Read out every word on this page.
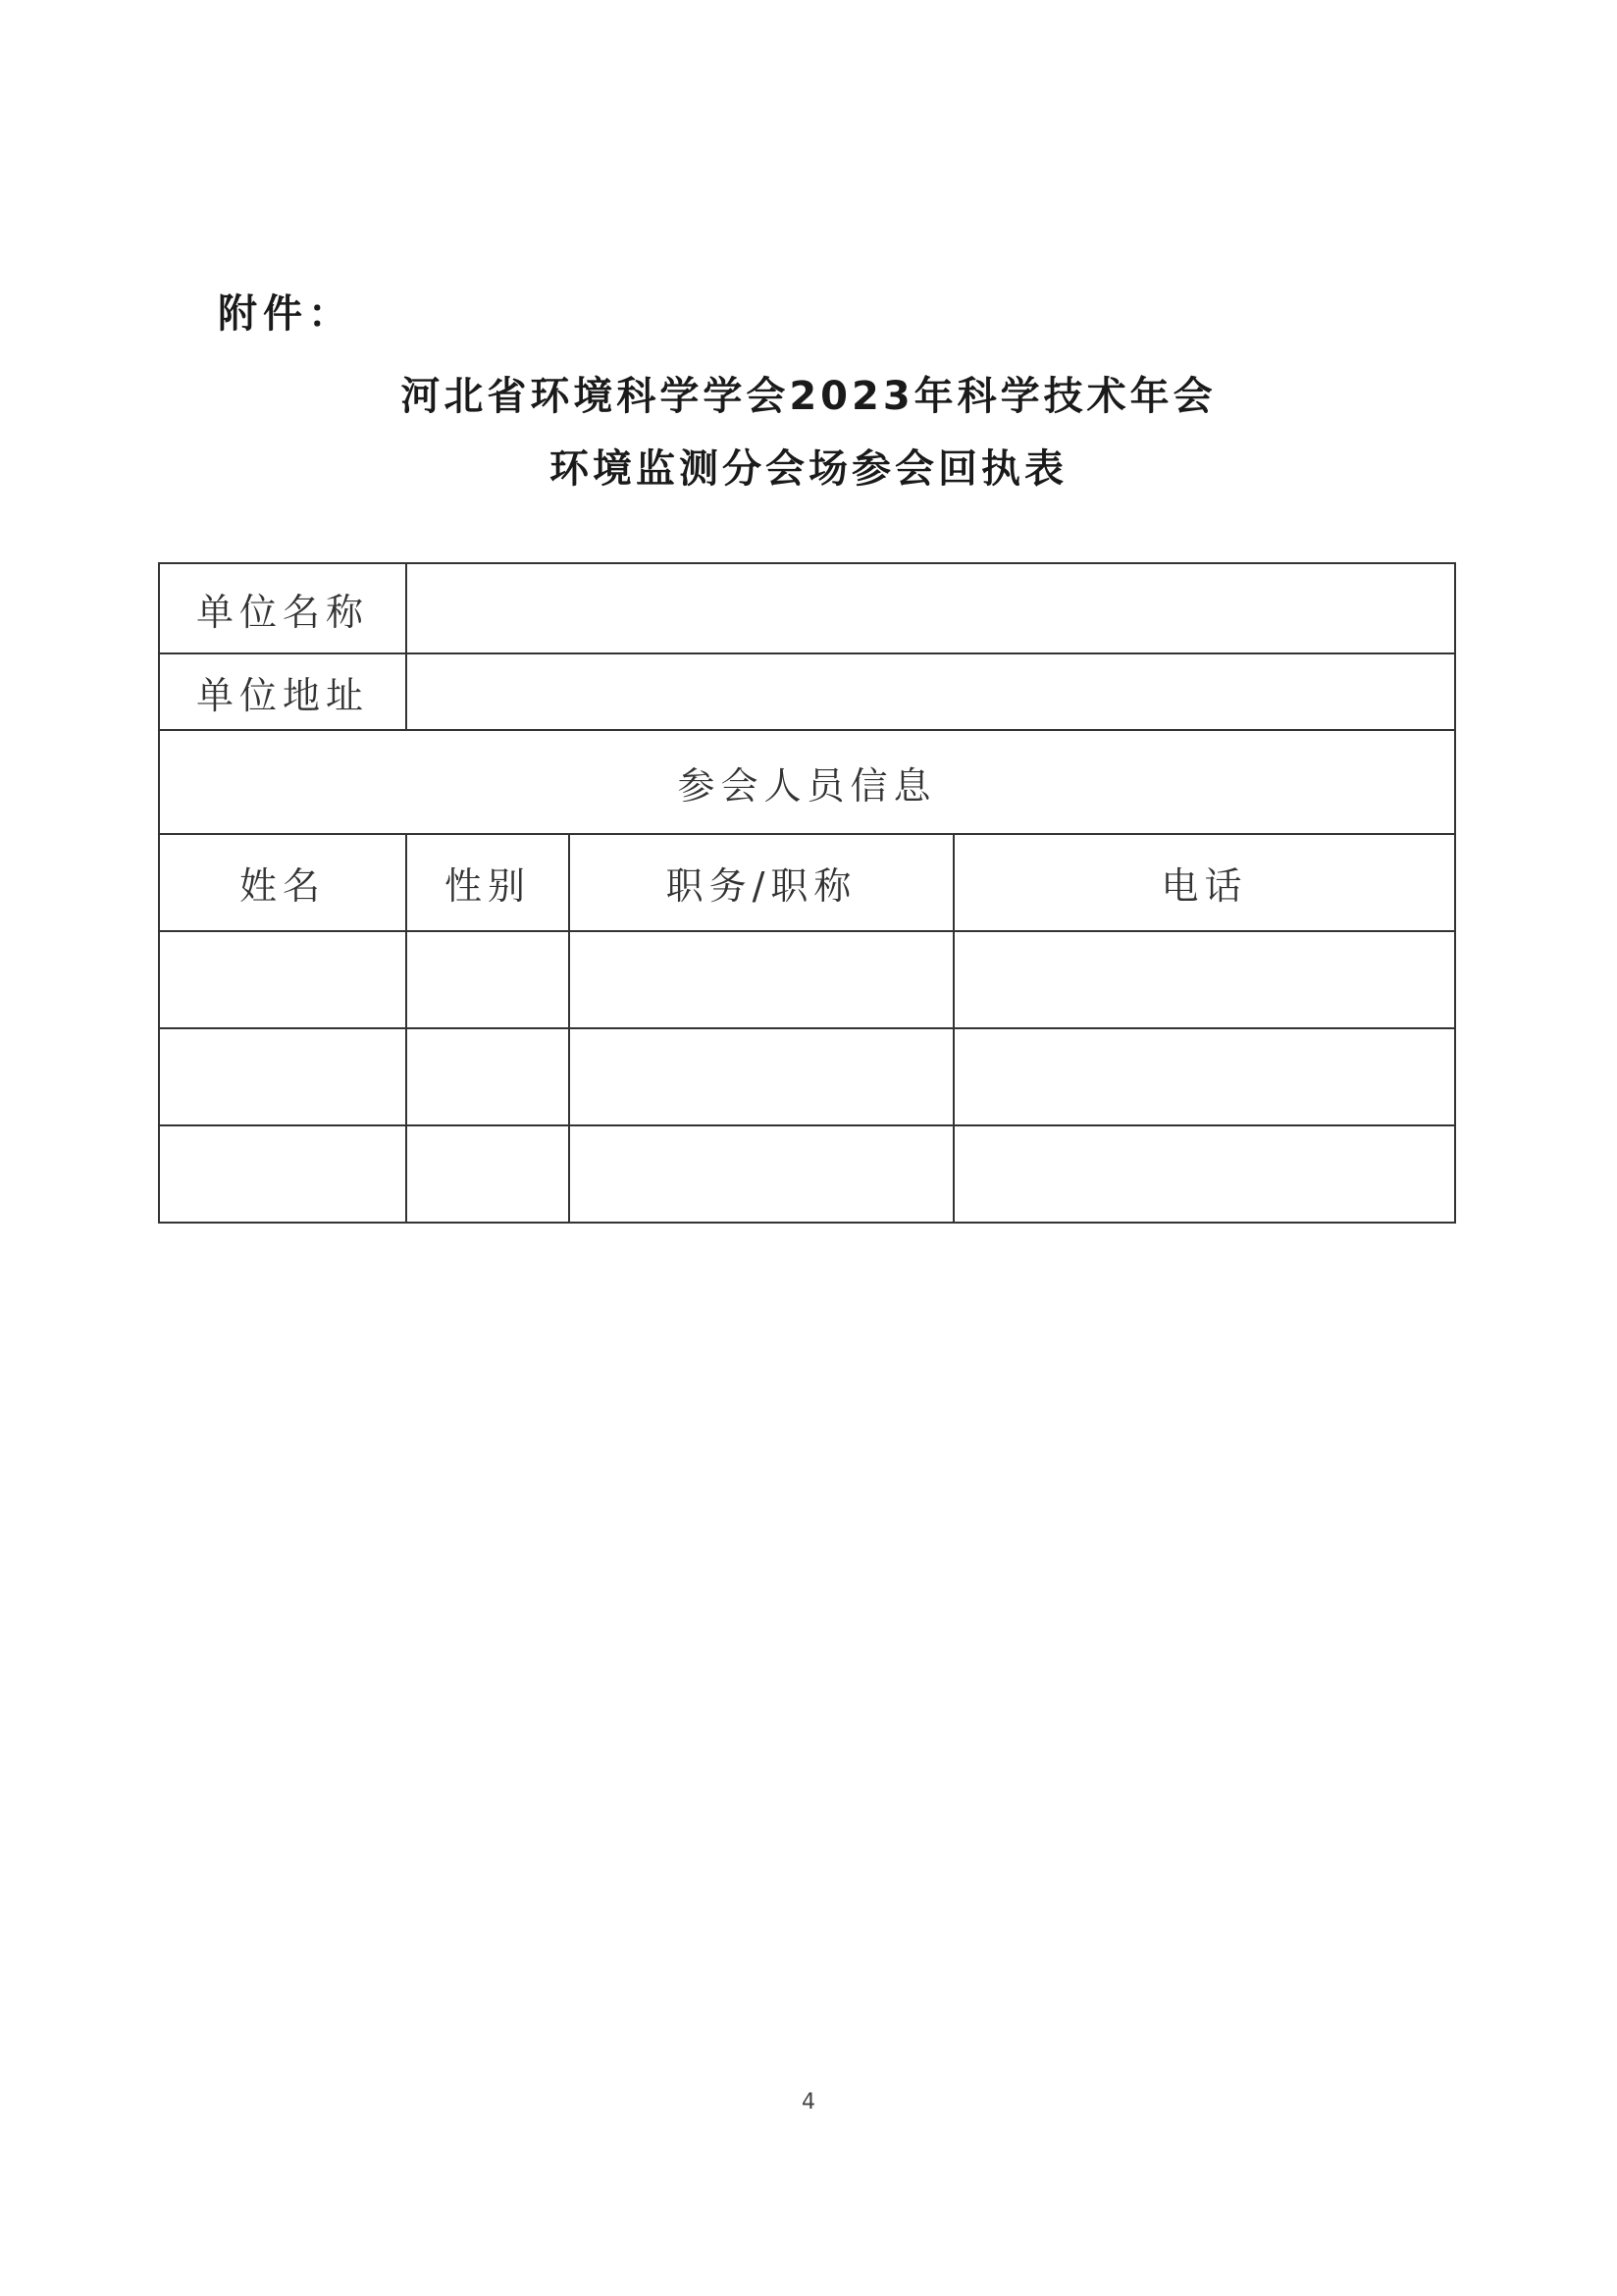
附件：
河北省环境科学学会2023年科学技术年会
环境监测分会场参会回执表
单位名称			
单位地址			
参会人员信息			
姓名	性别	职务/职称	电话

4
